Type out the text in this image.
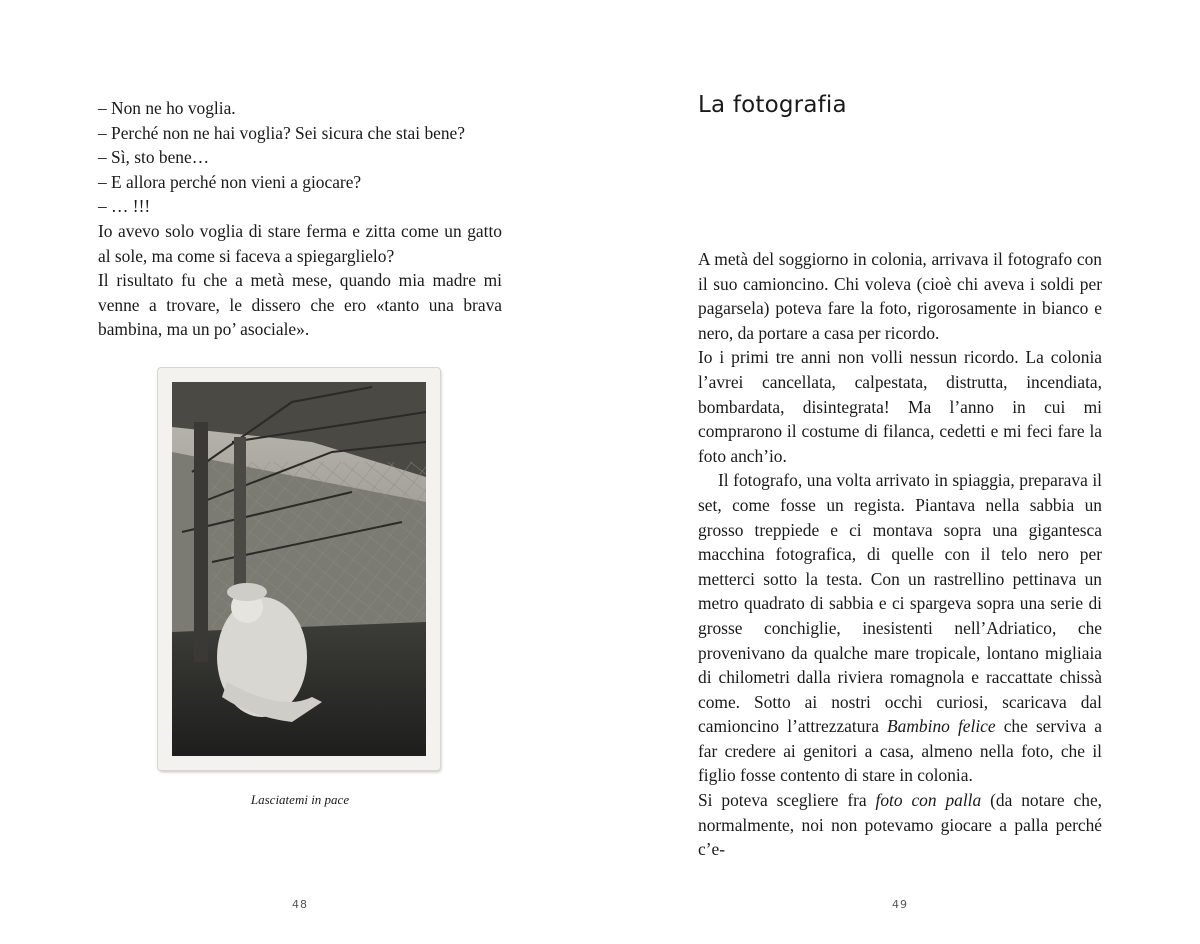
– Non ne ho voglia.

– Perché non ne hai voglia? Sei sicura che stai bene?

– Sì, sto bene…

– E allora perché non vieni a giocare?

– … !!!

Io avevo solo voglia di stare ferma e zitta come un gatto al sole, ma come si faceva a spiegarglielo?

Il risultato fu che a metà mese, quando mia madre mi venne a trovare, le dissero che ero «tanto una brava bambina, ma un po’ asociale».

Lasciatemi in pace
48
La fotografia

A metà del soggiorno in colonia, arrivava il fotografo con il suo camioncino. Chi voleva (cioè chi aveva i soldi per pagarsela) poteva fare la foto, rigorosamente in bianco e nero, da portare a casa per ricordo.

Io i primi tre anni non volli nessun ricordo. La colonia l’avrei cancellata, calpestata, distrutta, incendiata, bombardata, disintegrata! Ma l’anno in cui mi comprarono il costume di filanca, cedetti e mi feci fare la foto anch’io.

Il fotografo, una volta arrivato in spiaggia, preparava il set, come fosse un regista. Piantava nella sabbia un grosso treppiede e ci montava sopra una gigantesca macchina fotografica, di quelle con il telo nero per metterci sotto la testa. Con un rastrellino pettinava un metro quadrato di sabbia e ci spargeva sopra una serie di grosse conchiglie, inesistenti nell’Adriatico, che provenivano da qualche mare tropicale, lontano migliaia di chilometri dalla riviera romagnola e raccattate chissà come. Sotto ai nostri occhi curiosi, scaricava dal camioncino l’attrezzatura Bambino felice che serviva a far credere ai genitori a casa, almeno nella foto, che il figlio fosse contento di stare in colonia.

Si poteva scegliere fra foto con palla (da notare che, normalmente, noi non potevamo giocare a palla perché c’e-

49
